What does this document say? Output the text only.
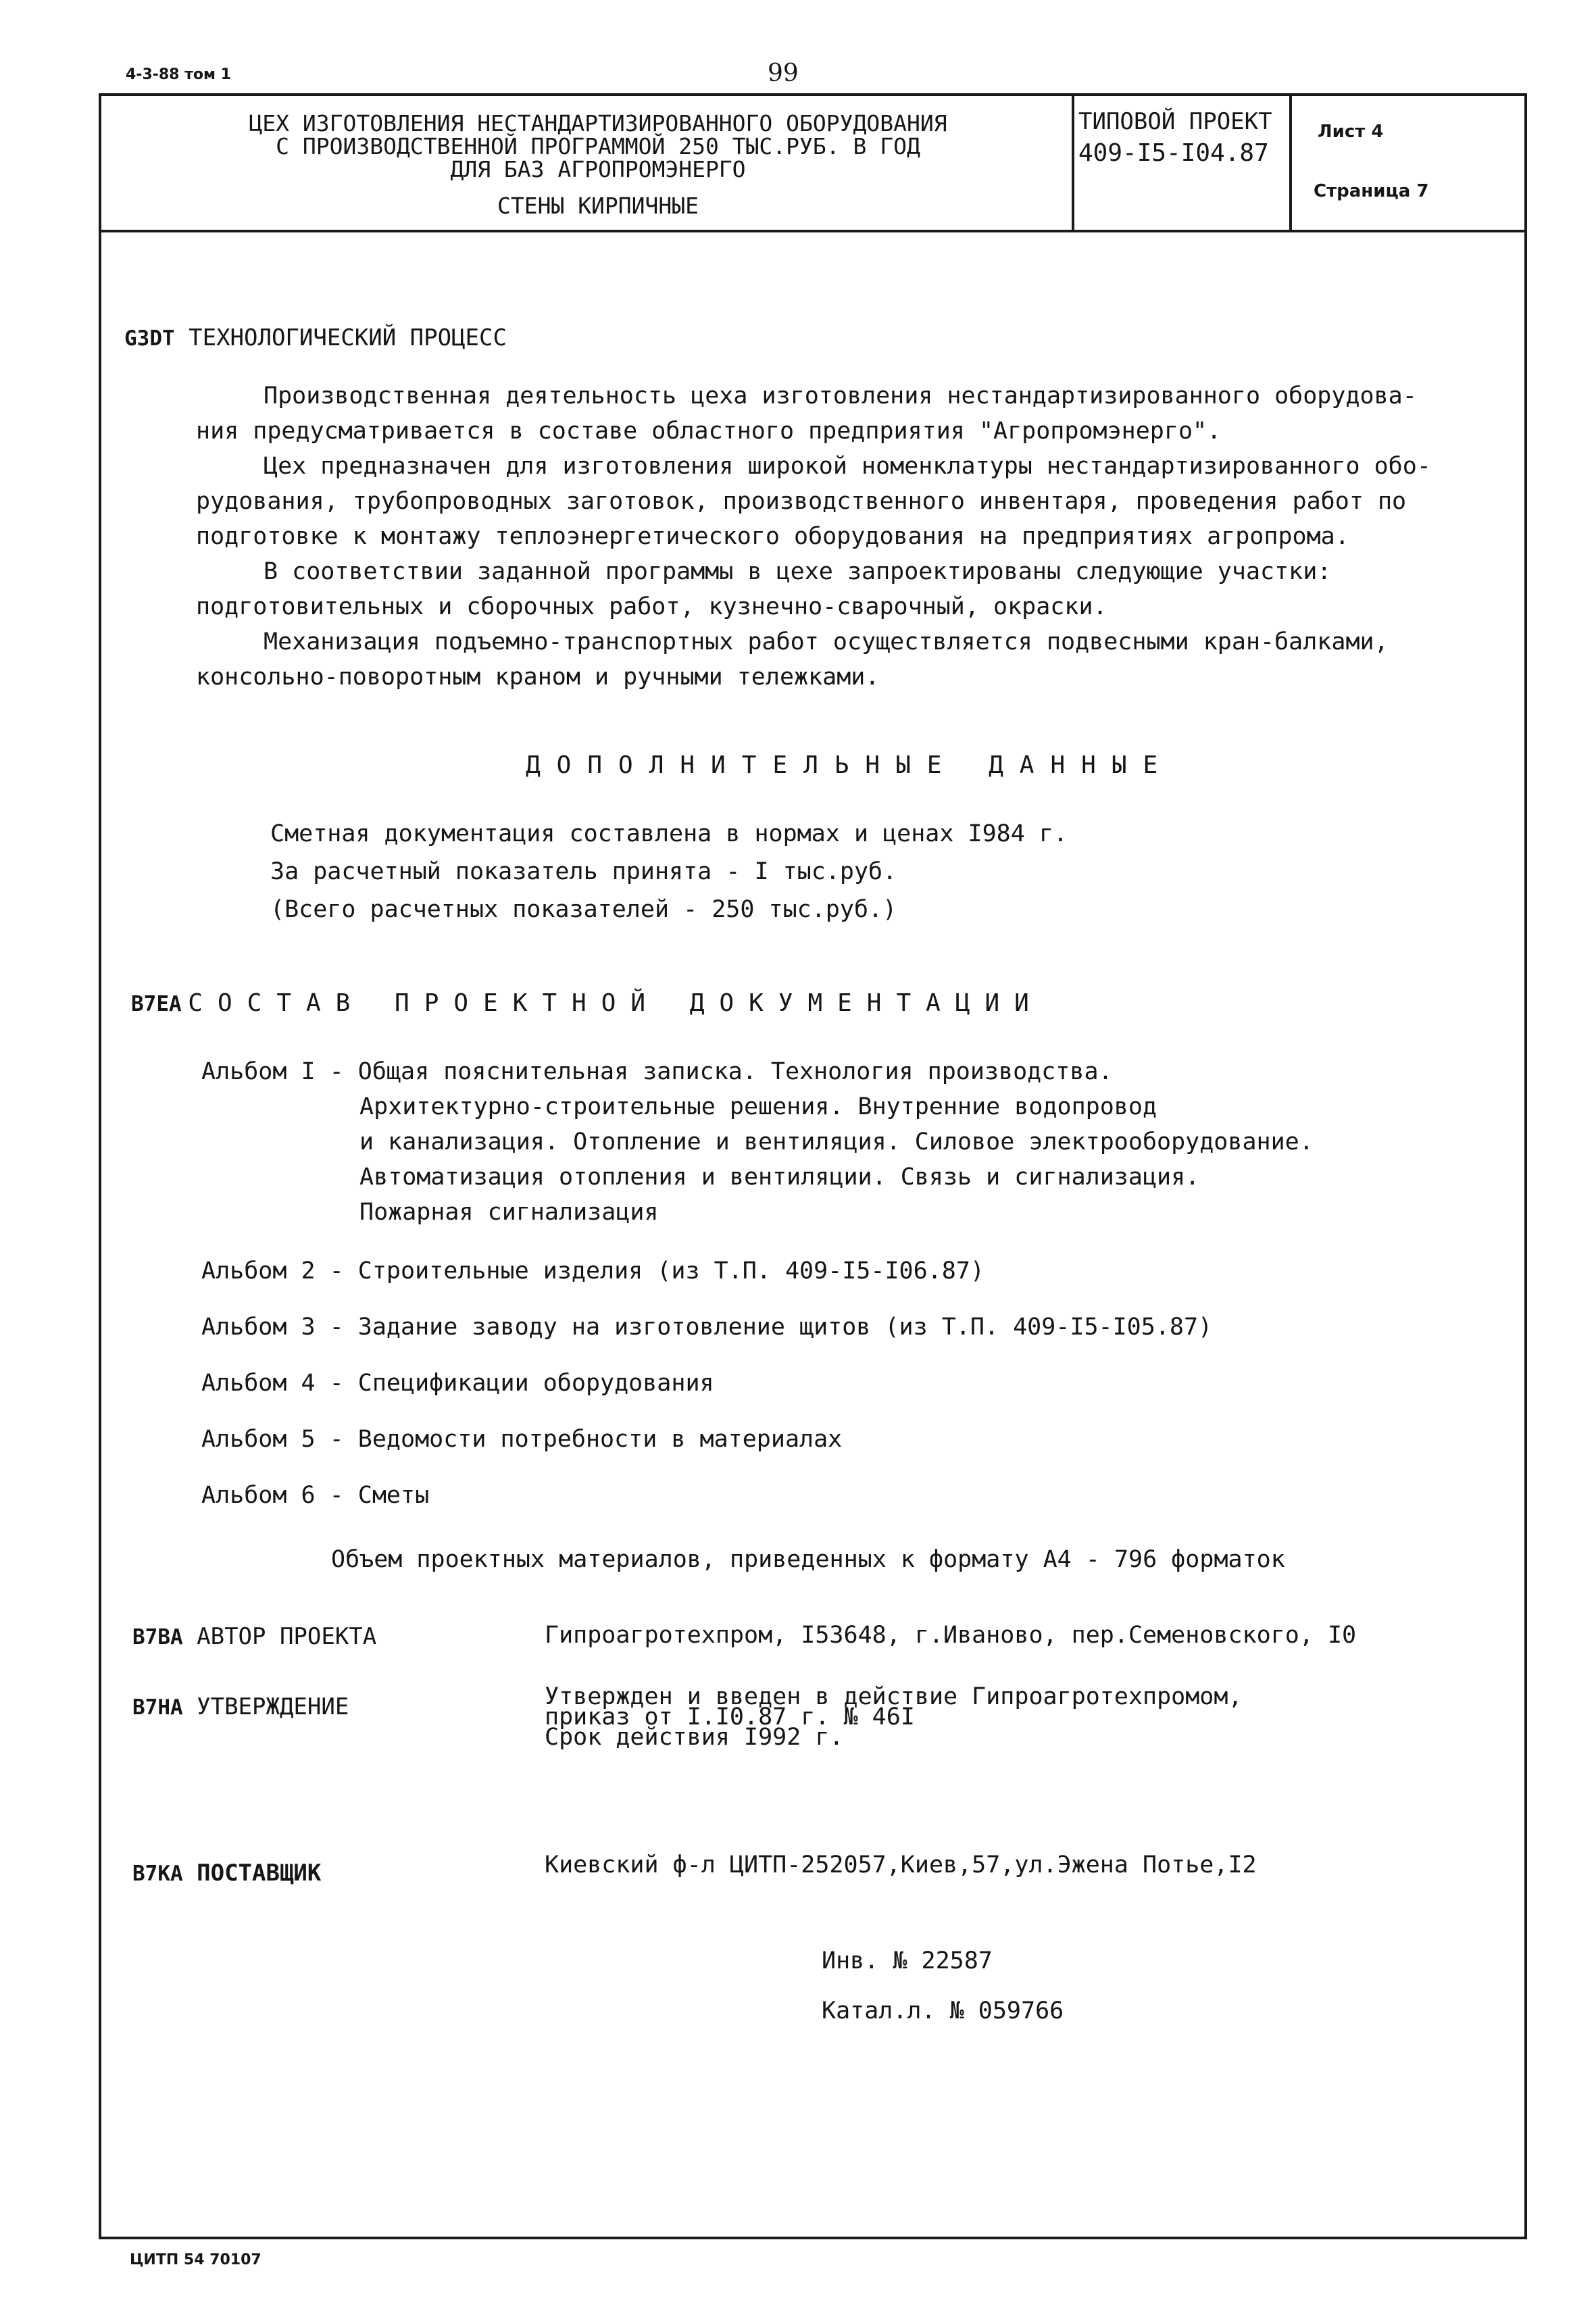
4-3-88 том 1	99
ЦЕХ ИЗГОТОВЛЕНИЯ НЕСТАНДАРТИЗИРОВАННОГО ОБОРУДОВАНИЯ
С ПРОИЗВОДСТВЕННОЙ ПРОГРАММОЙ 250 ТЫС.РУБ. В ГОД
ДЛЯ БАЗ АГРОПРОМЭНЕРГО
СТЕНЫ КИРПИЧНЫЕ
ТИПОВОЙ ПРОЕКТ
409-I5-I04.87
Лист 4
Страница 7
G3DT ТЕХНОЛОГИЧЕСКИЙ ПРОЦЕСС
Производственная деятельность цеха изготовления нестандартизированного оборудова-
ния предусматривается в составе областного предприятия "Агропромэнерго".
Цех предназначен для изготовления широкой номенклатуры нестандартизированного обо-
рудования, трубопроводных заготовок, производственного инвентаря, проведения работ по
подготовке к монтажу теплоэнергетического оборудования на предприятиях агропрома.
В соответствии заданной программы в цехе запроектированы следующие участки:
подготовительных и сборочных работ, кузнечно-сварочный, окраски.
Механизация подъемно-транспортных работ осуществляется подвесными кран-балками,
консольно-поворотным краном и ручными тележками.
ДОПОЛНИТЕЛЬНЫЕ ДАННЫЕ
Сметная документация составлена в нормах и ценах I984 г.
За расчетный показатель принята - I тыс.руб.
(Всего расчетных показателей - 250 тыс.руб.)
B7EA СОСТАВ ПРОЕКТНОЙ ДОКУМЕНТАЦИИ
Альбом I - Общая пояснительная записка. Технология производства.
Архитектурно-строительные решения. Внутренние водопровод
и канализация. Отопление и вентиляция. Силовое электрооборудование.
Автоматизация отопления и вентиляции. Связь и сигнализация.
Пожарная сигнализация
Альбом 2 - Строительные изделия (из Т.П. 409-I5-I06.87)
Альбом 3 - Задание заводу на изготовление щитов (из Т.П. 409-I5-I05.87)
Альбом 4 - Спецификации оборудования
Альбом 5 - Ведомости потребности в материалах
Альбом 6 - Сметы
Объем проектных материалов, приведенных к формату А4 - 796 форматок
B7BA АВТОР ПРОЕКТА	Гипроагротехпром, I53648, г.Иваново, пер.Семеновского, I0
B7HA УТВЕРЖДЕНИЕ	Утвержден и введен в действие Гипроагротехпромом,
приказ от I.I0.87 г. № 46I
Срок действия I992 г.
B7KA ПОСТАВЩИК	Киевский ф-л ЦИТП-252057,Киев,57,ул.Эжена Потье,I2
Инв. № 22587
Катал.л. № 059766
ЦИТП 54 70107
